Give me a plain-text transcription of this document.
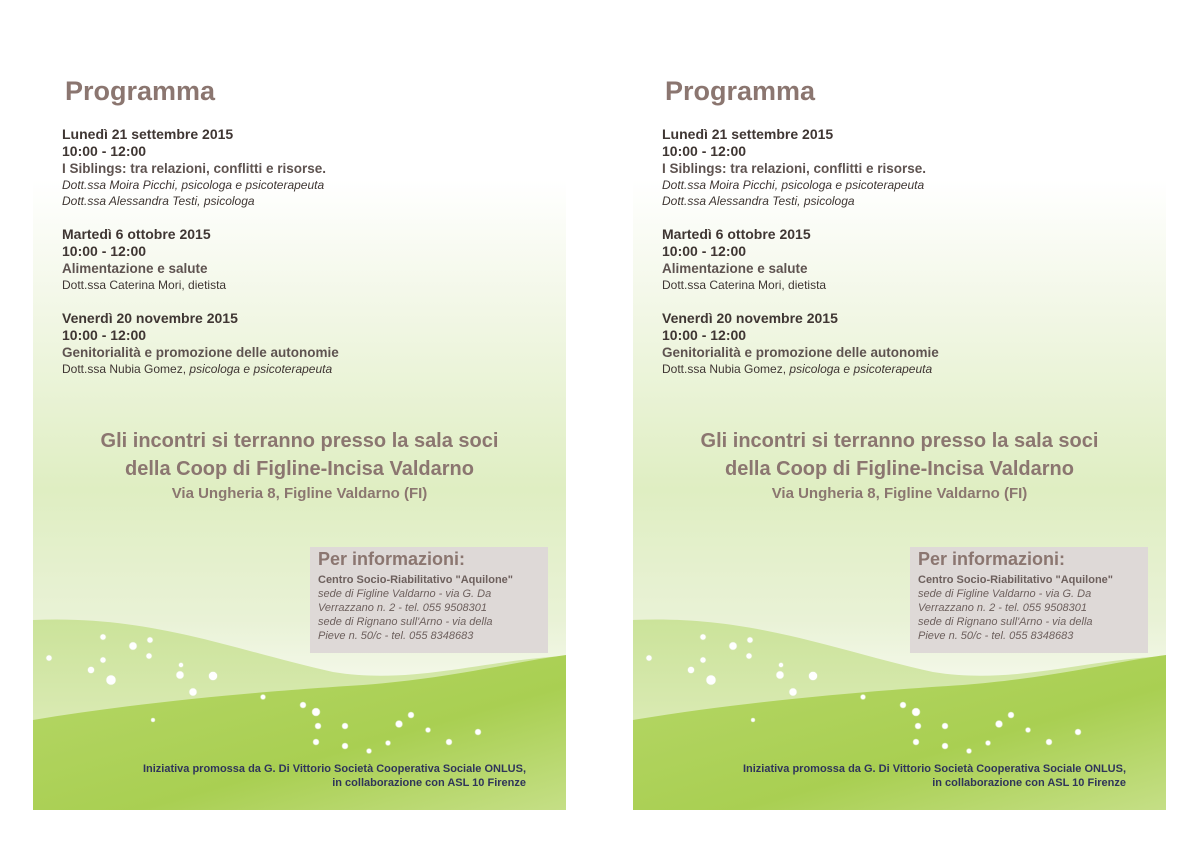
Programma
Lunedì 21 settembre 2015
10:00 - 12:00
I Siblings: tra relazioni, conflitti e risorse.
Dott.ssa Moira Picchi, psicologa e psicoterapeuta
Dott.ssa Alessandra Testi, psicologa
Martedì 6 ottobre 2015
10:00 - 12:00
Alimentazione e salute
Dott.ssa Caterina Mori, dietista
Venerdì 20 novembre 2015
10:00 - 12:00
Genitorialità e promozione delle autonomie
Dott.ssa Nubia Gomez, psicologa e psicoterapeuta
Gli incontri si terranno presso la sala soci
della Coop di Figline-Incisa Valdarno
Via Ungheria 8, Figline Valdarno (FI)
Per informazioni:
Centro Socio-Riabilitativo "Aquilone"
sede di Figline Valdarno - via G. Da
Verrazzano n. 2 - tel. 055 9508301
sede di Rignano sull'Arno - via della
Pieve n. 50/c - tel. 055 8348683
Iniziativa promossa da G. Di Vittorio Società Cooperativa Sociale ONLUS,
in collaborazione con ASL 10 Firenze
Programma
Lunedì 21 settembre 2015
10:00 - 12:00
I Siblings: tra relazioni, conflitti e risorse.
Dott.ssa Moira Picchi, psicologa e psicoterapeuta
Dott.ssa Alessandra Testi, psicologa
Martedì 6 ottobre 2015
10:00 - 12:00
Alimentazione e salute
Dott.ssa Caterina Mori, dietista
Venerdì 20 novembre 2015
10:00 - 12:00
Genitorialità e promozione delle autonomie
Dott.ssa Nubia Gomez, psicologa e psicoterapeuta
Gli incontri si terranno presso la sala soci
della Coop di Figline-Incisa Valdarno
Via Ungheria 8, Figline Valdarno (FI)
Per informazioni:
Centro Socio-Riabilitativo "Aquilone"
sede di Figline Valdarno - via G. Da
Verrazzano n. 2 - tel. 055 9508301
sede di Rignano sull'Arno - via della
Pieve n. 50/c - tel. 055 8348683
Iniziativa promossa da G. Di Vittorio Società Cooperativa Sociale ONLUS,
in collaborazione con ASL 10 Firenze
